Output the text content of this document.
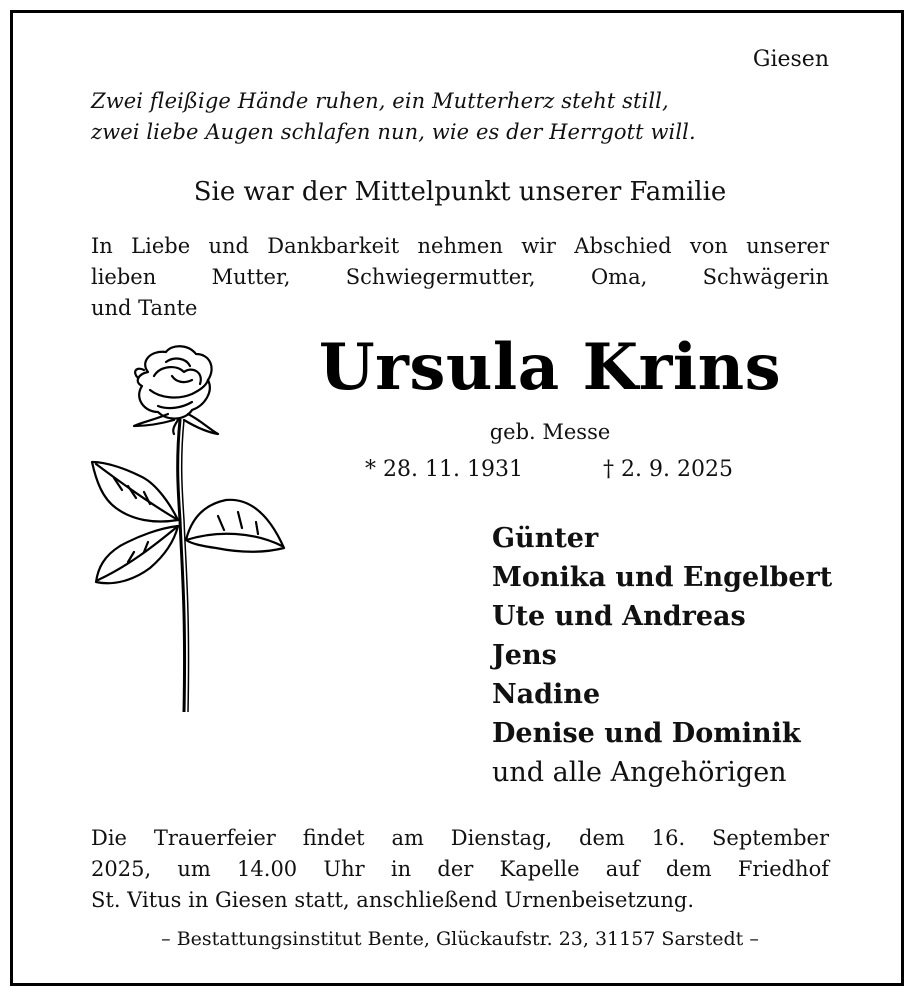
Giesen
Zwei fleißige Hände ruhen, ein Mutterherz steht still,
zwei liebe Augen schlafen nun, wie es der Herrgott will.
Sie war der Mittelpunkt unserer Familie
In Liebe und Dankbarkeit nehmen wir Abschied von unserer
lieben Mutter, Schwiegermutter, Oma, Schwägerin
und Tante
Ursula Krins
geb. Messe
* 28. 11. 1931	† 2. 9. 2025
Günter
Monika und Engelbert
Ute und Andreas
Jens
Nadine
Denise und Dominik
und alle Angehörigen
Die Trauerfeier findet am Dienstag, dem 16. September
2025, um 14.00 Uhr in der Kapelle auf dem Friedhof
St. Vitus in Giesen statt, anschließend Urnenbeisetzung.
– Bestattungsinstitut Bente, Glückaufstr. 23, 31157 Sarstedt –
